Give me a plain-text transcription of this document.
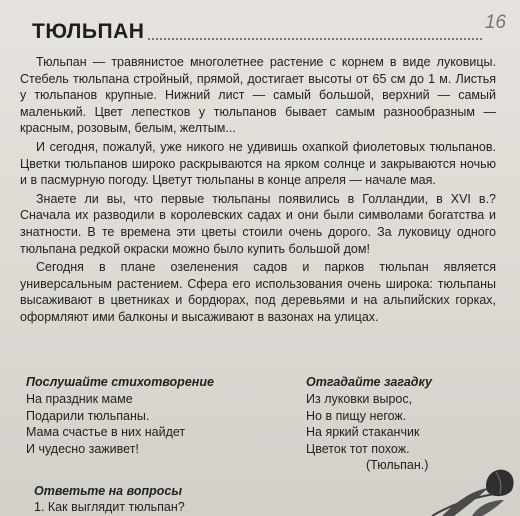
ТЮЛЬПАН	16

Тюльпан — травянистое многолетнее растение с корнем в виде луковицы. Стебель тюльпана стройный, прямой, достигает высоты от 65 см до 1 м. Листья у тюльпанов крупные. Нижний лист — самый большой, верхний — самый маленький. Цвет лепестков у тюльпанов бывает самым разнообразным — красным, розовым, белым, желтым...

И сегодня, пожалуй, уже никого не удивишь охапкой фиолетовых тюльпанов. Цветки тюльпанов широко раскрываются на ярком солнце и закрываются ночью и в пасмурную погоду. Цветут тюльпаны в конце апреля — начале мая.

Знаете ли вы, что первые тюльпаны появились в Голландии, в XVI в.? Сначала их разводили в королевских садах и они были символами богатства и знатности. В те времена эти цветы стоили очень дорого. За луковицу одного тюльпана редкой окраски можно было купить большой дом!

Сегодня в плане озеленения садов и парков тюльпан является универсальным растением. Сфера его использования очень широка: тюльпаны высаживают в цветниках и бордюрах, под деревьями и на альпийских горках, оформляют ими балконы и высаживают в вазонах на улицах.

Послушайте стихотворение
На праздник маме
Подарили тюльпаны.
Мама счастье в них найдет
И чудесно заживет!
Отгадайте загадку
Из луковки вырос,
Но в пищу негож.
На яркий стаканчик
Цветок тот похож.
(Тюльпан.)
Ответьте на вопросы
1. Как выглядит тюльпан?
